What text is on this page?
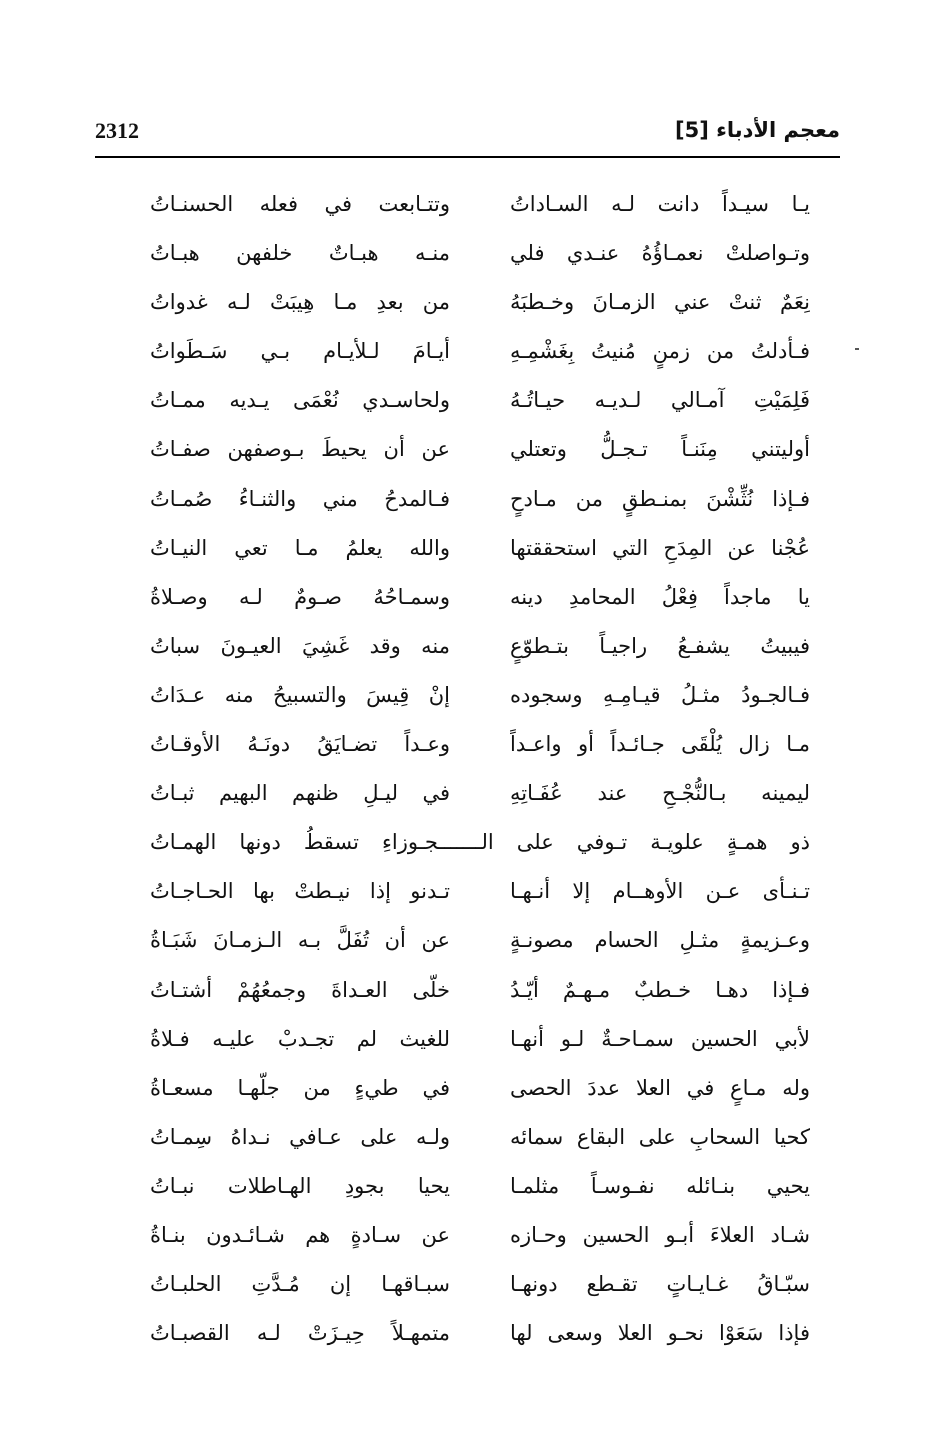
معجم الأدباء [5]
2312
يـا سيـداً دانت لـه السـاداتُ
وتتـابعت في فعله الحسنـاتُ
وتـواصلتْ نعمـاؤُهُ عنـدي فلي
منـه هبـاتٌ خلفهن هبـاتُ
نِعَمٌ ثنتْ عني الزمـانَ وخـطبَهُ
من بعدِ مـا هِيبَتْ لـه غدواتُ
فـأدلتُ من زمنٍ مُنيتُ بِغَشْمِـهِ
أيـامَ لـلأيـام بـي سَـطَواتُ
فَلِمَيْتِ آمـالي لـديـه حيـاتُـهُ
ولحاسـدي نُعْمَى يـديه ممـاتُ
أوليتني مِنَنـاً تـجـلُّ وتعتلي
عن أن يحيطَ بـوصفهن صفـاتُ
فـإذا نُثِّشْنَ بمنـطقٍ من مـادحٍ
فـالمدحُ مني والثنـاءُ صُمـاتُ
عُجْنا عن المِدَحِ التي استحققتها
والله يعلمُ مـا تعي النيـاتُ
يا ماجداً فِعْلُ المحامدِ دينه
وسمـاحُهُ صـومٌ لـه وصـلاةُ
فيبيتُ يشفـعُ راجيـاً بتـطوّعٍ
منه وقد غَشِيَ العيـونَ سباتُ
فـالجـودُ مثـلُ قيـامِـهِ وسجوده
إنْ قِيسَ والتسبيحُ منه عـدَاتُ
مـا زال يُلْقَى جـائـداً أو واعـداً
وعـداً تضـايَقُ دونَـهُ الأوقـاتُ
ليمينه بـالنُّجْـحِ عند عُفَـاتِهِ
في ليـلِ ظنهم البهيم ثبـاتُ
ذو همـةٍ علويـة تـوفي على الـــــــجـوزاءِ تسقطُ دونها الهمـاتُ
تـنـأى عـن الأوهــام إلا أنـهـا
تـدنو إذا نيـطتْ بها الحـاجـاتُ
وعـزيمةٍ مثـلِ الحسام مصونـةٍ
عن أن تُفَلَّ بـه الـزمـانَ شَبَـاةُ
فـإذا دهـا خـطبٌ مـهـمٌ أيّـدُ
خلّى العـداةَ وجمعُهُمْ أشتـاتُ
لأبي الحسين سمـاحـةٌ لـو أنهـا
للغيث لم تجـدبْ عليـه فـلاةُ
وله مـاعٍ في العلا عددَ الحصى
في طيءٍ من جلّهـا مسعـاةُ
كحيا السحابِ على البقاع سمائه
ولـه على عـافي نـداهُ سِمـاتُ
يحيي بنـائله نفـوسـاً مثلمـا
يحيا بجودِ الهـاطلات نبـاتُ
شـاد العلاءَ أبـو الحسين وحـازه
عن سـادةٍ هم شـائـدون بنـاةُ
سبّـاقُ غـايـاتٍ تقـطع دونهـا
سبـاقهـا إن مُـدَّتِ الحلبـاتُ
فإذا سَعَوْا نحـو العلا وسعى لها
متمهـلاً حِيـزَتْ لـه القصبـاتُ
